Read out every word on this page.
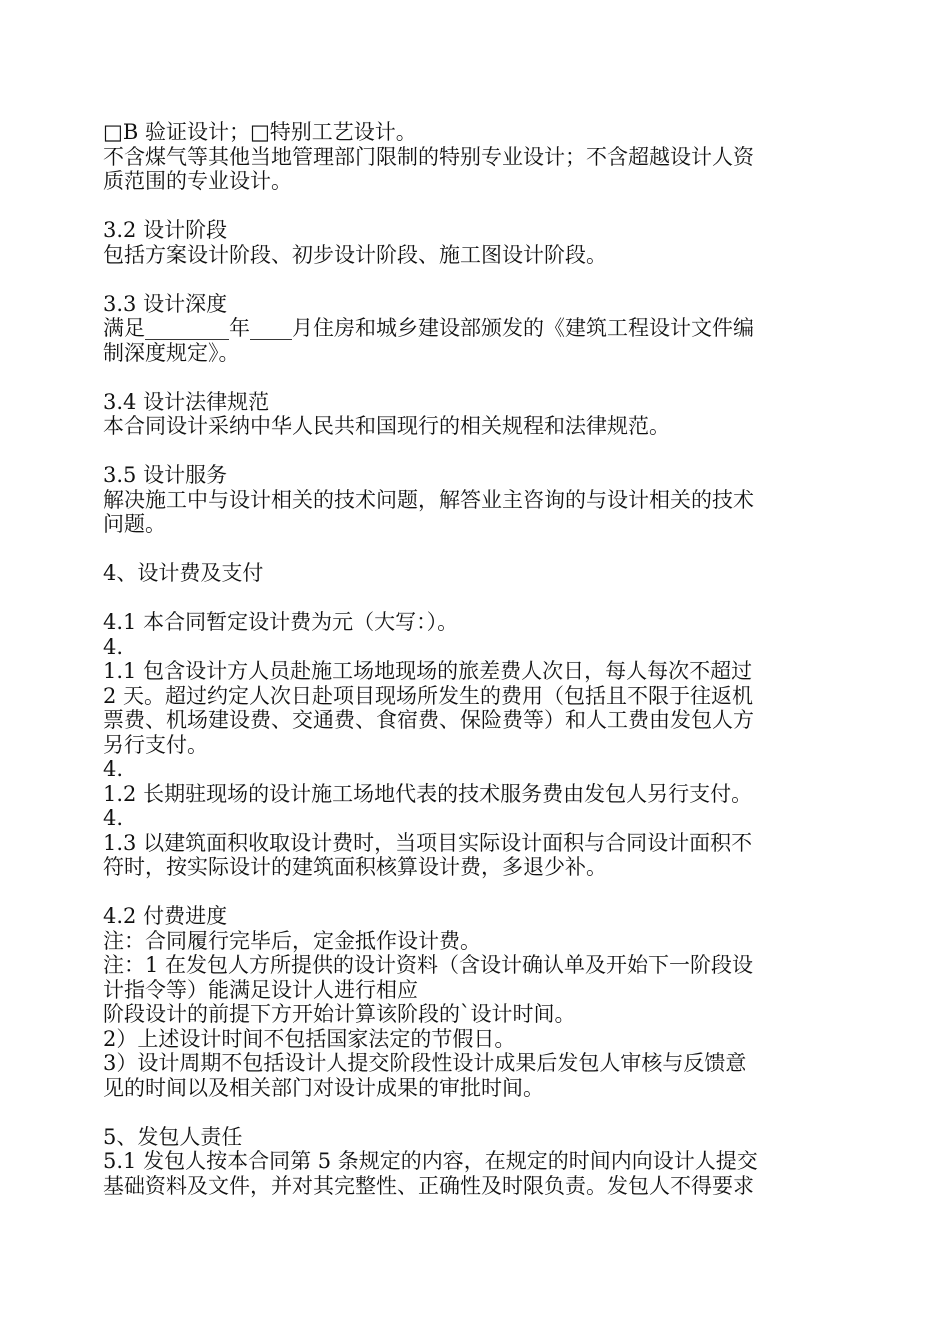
□B 验证设计；□特别工艺设计。
不含煤气等其他当地管理部门限制的特别专业设计；不含超越设计人资
质范围的专业设计。
3.2 设计阶段
包括方案设计阶段、初步设计阶段、施工图设计阶段。
3.3 设计深度
满足________年____月住房和城乡建设部颁发的《建筑工程设计文件编
制深度规定》。
3.4 设计法律规范
本合同设计采纳中华人民共和国现行的相关规程和法律规范。
3.5 设计服务
解决施工中与设计相关的技术问题，解答业主咨询的与设计相关的技术
问题。
4、设计费及支付
4.1 本合同暂定设计费为元（大写：）。
4.
1.1 包含设计方人员赴施工场地现场的旅差费人次日，每人每次不超过
2 天。超过约定人次日赴项目现场所发生的费用（包括且不限于往返机
票费、机场建设费、交通费、食宿费、保险费等）和人工费由发包人方
另行支付。
4.
1.2 长期驻现场的设计施工场地代表的技术服务费由发包人另行支付。
4.
1.3 以建筑面积收取设计费时，当项目实际设计面积与合同设计面积不
符时，按实际设计的建筑面积核算设计费，多退少补。
4.2 付费进度
注：合同履行完毕后，定金抵作设计费。
注：1 在发包人方所提供的设计资料（含设计确认单及开始下一阶段设
计指令等）能满足设计人进行相应
阶段设计的前提下方开始计算该阶段的`设计时间。
2）上述设计时间不包括国家法定的节假日。
3）设计周期不包括设计人提交阶段性设计成果后发包人审核与反馈意
见的时间以及相关部门对设计成果的审批时间。
5、发包人责任
5.1 发包人按本合同第 5 条规定的内容，在规定的时间内向设计人提交
基础资料及文件，并对其完整性、正确性及时限负责。发包人不得要求
